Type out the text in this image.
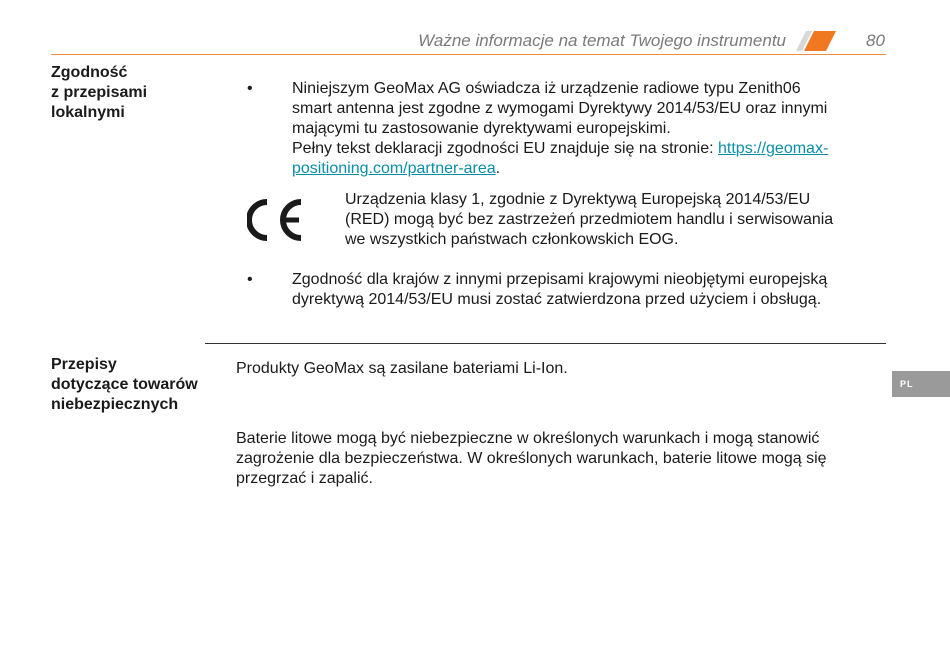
Ważne informacje na temat Twojego instrumentu	80
Zgodność
z przepisami
lokalnymi
• Niniejszym GeoMax AG oświadcza iż urządzenie radiowe typu Zenith06
smart antenna jest zgodne z wymogami Dyrektywy 2014/53/EU oraz innymi
mającymi tu zastosowanie dyrektywami europejskimi.
Pełny tekst deklaracji zgodności EU znajduje się na stronie: https://geomax-
positioning.com/partner-area.
Urządzenia klasy 1, zgodnie z Dyrektywą Europejską 2014/53/EU
(RED) mogą być bez zastrzeżeń przedmiotem handlu i serwisowania
we wszystkich państwach członkowskich EOG.
• Zgodność dla krajów z innymi przepisami krajowymi nieobjętymi europejską
dyrektywą 2014/53/EU musi zostać zatwierdzona przed użyciem i obsługą.
Przepisy
dotyczące towarów
niebezpiecznych
Produkty GeoMax są zasilane bateriami Li-Ion.
Baterie litowe mogą być niebezpieczne w określonych warunkach i mogą stanowić
zagrożenie dla bezpieczeństwa. W określonych warunkach, baterie litowe mogą się
przegrzać i zapalić.
PL
